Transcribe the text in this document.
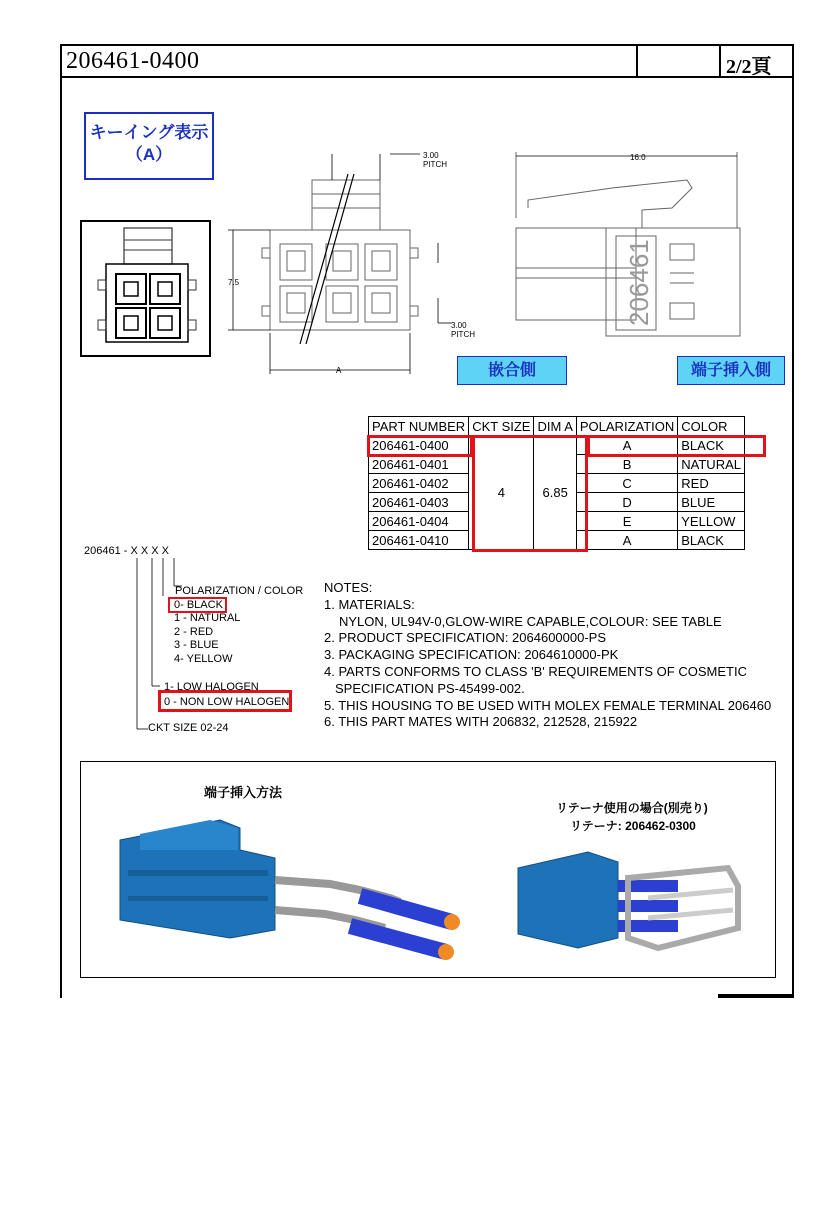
206461-0400	2/2頁
キーイング表示
（A）	3.00
PITCH
7.5
3.00
PITCH
A
16.0
206461
嵌合側	端子挿入側
PART NUMBER	CKT SIZE	DIM A	POLARIZATION	COLOR
206461-0400	4	6.85	A	BLACK
206461-0401			B	NATURAL
206461-0402			C	RED
206461-0403			D	BLUE
206461-0404			E	YELLOW
206461-0410			A	BLACK
206461 - X X X X
POLARIZATION / COLOR
0- BLACK
1 - NATURAL
2 - RED
3 - BLUE
4- YELLOW
1- LOW HALOGEN
0 - NON LOW HALOGEN
CKT SIZE 02-24
NOTES:
1. MATERIALS:
NYLON, UL94V-0,GLOW-WIRE CAPABLE,COLOUR: SEE TABLE
2. PRODUCT SPECIFICATION: 2064600000-PS
3. PACKAGING SPECIFICATION: 2064610000-PK
4. PARTS CONFORMS TO CLASS 'B' REQUIREMENTS OF COSMETIC
SPECIFICATION PS-45499-002.
5. THIS HOUSING TO BE USED WITH MOLEX FEMALE TERMINAL 206460
6. THIS PART MATES WITH 206832, 212528, 215922
端子挿入方法
リテーナ使用の場合(別売り)
リテーナ: 206462-0300
